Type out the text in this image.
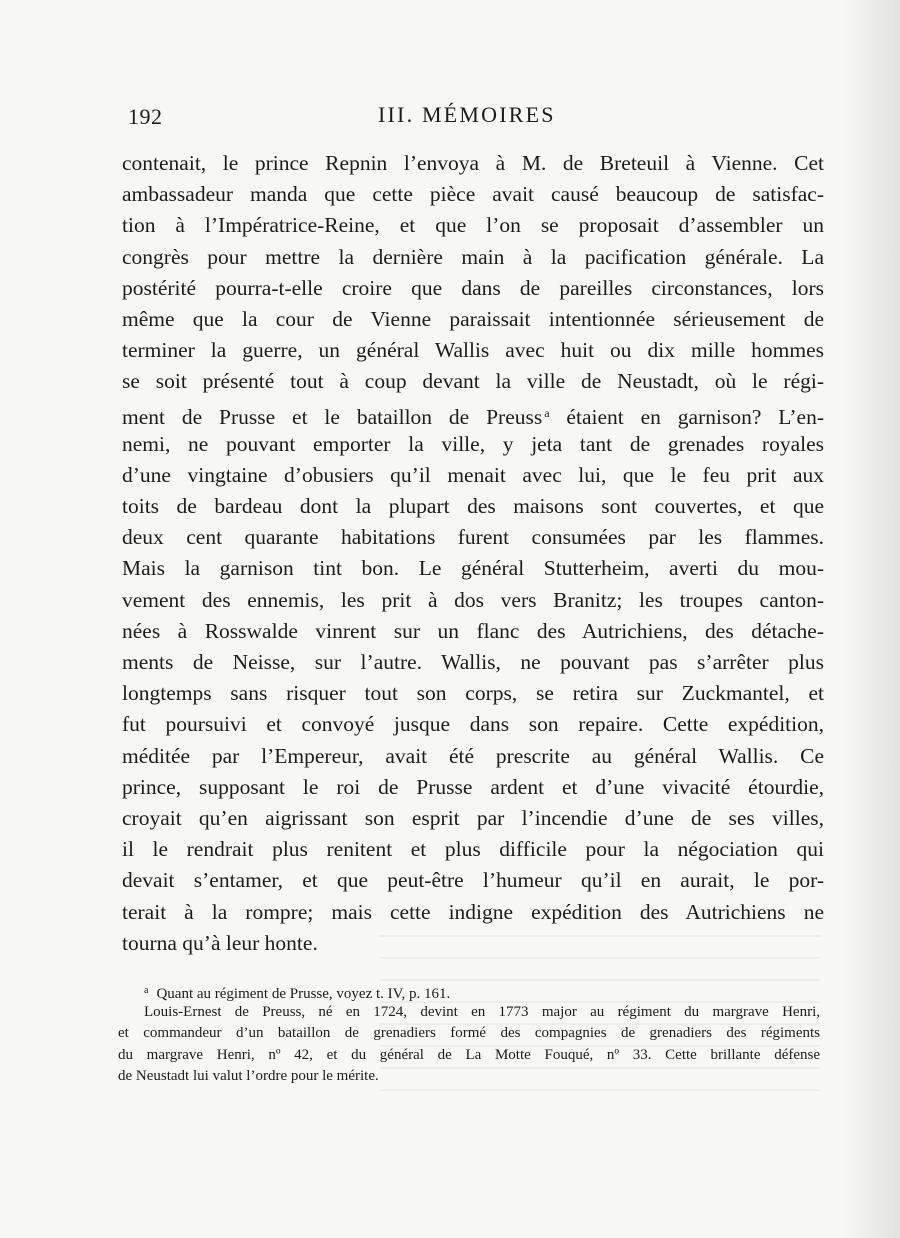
192	III. MÉMOIRES
contenait, le prince Repnin l’envoya à M. de Breteuil à Vienne. Cet
ambassadeur manda que cette pièce avait causé beaucoup de satisfac-
tion à l’Impératrice-Reine, et que l’on se proposait d’assembler un
congrès pour mettre la dernière main à la pacification générale. La
postérité pourra-t-elle croire que dans de pareilles circonstances, lors
même que la cour de Vienne paraissait intentionnée sérieusement de
terminer la guerre, un général Wallis avec huit ou dix mille hommes
se soit présenté tout à coup devant la ville de Neustadt, où le régi-
ment de Prusse et le bataillon de Preuss $^a$ étaient en garnison? L’en-
nemi, ne pouvant emporter la ville, y jeta tant de grenades royales
d’une vingtaine d’obusiers qu’il menait avec lui, que le feu prit aux
toits de bardeau dont la plupart des maisons sont couvertes, et que
deux cent quarante habitations furent consumées par les flammes.
Mais la garnison tint bon. Le général Stutterheim, averti du mou-
vement des ennemis, les prit à dos vers Branitz; les troupes canton-
nées à Rosswalde vinrent sur un flanc des Autrichiens, des détache-
ments de Neisse, sur l’autre. Wallis, ne pouvant pas s’arrêter plus
longtemps sans risquer tout son corps, se retira sur Zuckmantel, et
fut poursuivi et convoyé jusque dans son repaire. Cette expédition,
méditée par l’Empereur, avait été prescrite au général Wallis. Ce
prince, supposant le roi de Prusse ardent et d’une vivacité étourdie,
croyait qu’en aigrissant son esprit par l’incendie d’une de ses villes,
il le rendrait plus renitent et plus difficile pour la négociation qui
devait s’entamer, et que peut-être l’humeur qu’il en aurait, le por-
terait à la rompre; mais cette indigne expédition des Autrichiens ne
tourna qu’à leur honte.
$^a$ Quant au régiment de Prusse, voyez t. IV, p. 161.
Louis-Ernest de Preuss, né en 1724, devint en 1773 major au régiment du margrave Henri,
et commandeur d’un bataillon de grenadiers formé des compagnies de grenadiers des régiments
du margrave Henri, nº 42, et du général de La Motte Fouqué, nº 33. Cette brillante défense
de Neustadt lui valut l’ordre pour le mérite.
